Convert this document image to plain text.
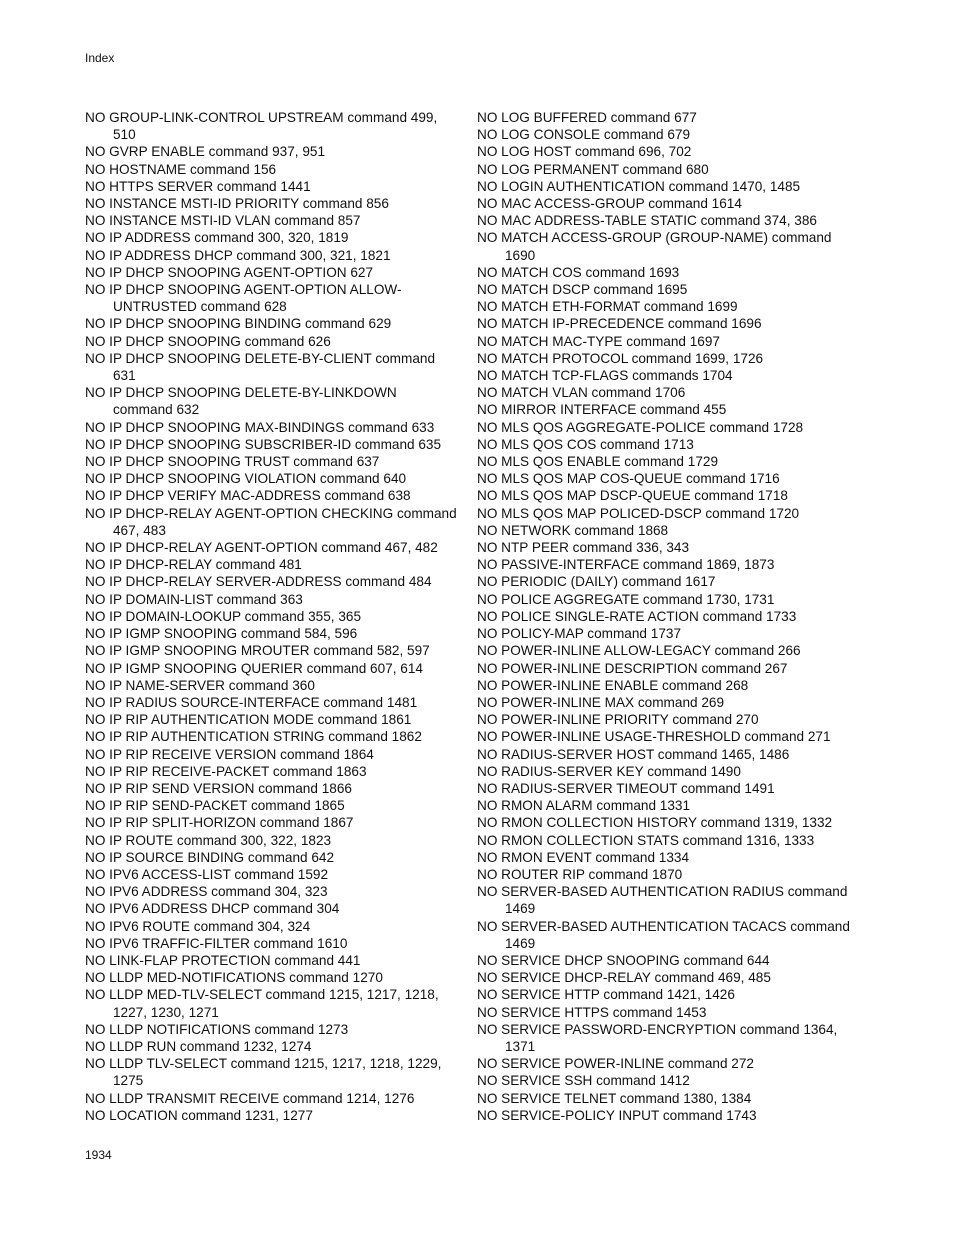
Index

NO GROUP-LINK-CONTROL UPSTREAM command 499, 510

NO GVRP ENABLE command 937, 951

NO HOSTNAME command 156

NO HTTPS SERVER command 1441

NO INSTANCE MSTI-ID PRIORITY command 856

NO INSTANCE MSTI-ID VLAN command 857

NO IP ADDRESS command 300, 320, 1819

NO IP ADDRESS DHCP command 300, 321, 1821

NO IP DHCP SNOOPING AGENT-OPTION 627

NO IP DHCP SNOOPING AGENT-OPTION ALLOW-UNTRUSTED command 628

NO IP DHCP SNOOPING BINDING command 629

NO IP DHCP SNOOPING command 626

NO IP DHCP SNOOPING DELETE-BY-CLIENT command 631

NO IP DHCP SNOOPING DELETE-BY-LINKDOWN command 632

NO IP DHCP SNOOPING MAX-BINDINGS command 633

NO IP DHCP SNOOPING SUBSCRIBER-ID command 635

NO IP DHCP SNOOPING TRUST command 637

NO IP DHCP SNOOPING VIOLATION command 640

NO IP DHCP VERIFY MAC-ADDRESS command 638

NO IP DHCP-RELAY AGENT-OPTION CHECKING command 467, 483

NO IP DHCP-RELAY AGENT-OPTION command 467, 482

NO IP DHCP-RELAY command 481

NO IP DHCP-RELAY SERVER-ADDRESS command 484

NO IP DOMAIN-LIST command 363

NO IP DOMAIN-LOOKUP command 355, 365

NO IP IGMP SNOOPING command 584, 596

NO IP IGMP SNOOPING MROUTER command 582, 597

NO IP IGMP SNOOPING QUERIER command 607, 614

NO IP NAME-SERVER command 360

NO IP RADIUS SOURCE-INTERFACE command 1481

NO IP RIP AUTHENTICATION MODE command 1861

NO IP RIP AUTHENTICATION STRING command 1862

NO IP RIP RECEIVE VERSION command 1864

NO IP RIP RECEIVE-PACKET command 1863

NO IP RIP SEND VERSION command 1866

NO IP RIP SEND-PACKET command 1865

NO IP RIP SPLIT-HORIZON command 1867

NO IP ROUTE command 300, 322, 1823

NO IP SOURCE BINDING command 642

NO IPV6 ACCESS-LIST command 1592

NO IPV6 ADDRESS command 304, 323

NO IPV6 ADDRESS DHCP command 304

NO IPV6 ROUTE command 304, 324

NO IPV6 TRAFFIC-FILTER command 1610

NO LINK-FLAP PROTECTION command 441

NO LLDP MED-NOTIFICATIONS command 1270

NO LLDP MED-TLV-SELECT command 1215, 1217, 1218, 1227, 1230, 1271

NO LLDP NOTIFICATIONS command 1273

NO LLDP RUN command 1232, 1274

NO LLDP TLV-SELECT command 1215, 1217, 1218, 1229, 1275

NO LLDP TRANSMIT RECEIVE command 1214, 1276

NO LOCATION command 1231, 1277

NO LOG BUFFERED command 677

NO LOG CONSOLE command 679

NO LOG HOST command 696, 702

NO LOG PERMANENT command 680

NO LOGIN AUTHENTICATION command 1470, 1485

NO MAC ACCESS-GROUP command 1614

NO MAC ADDRESS-TABLE STATIC command 374, 386

NO MATCH ACCESS-GROUP (GROUP-NAME) command 1690

NO MATCH COS command 1693

NO MATCH DSCP command 1695

NO MATCH ETH-FORMAT command 1699

NO MATCH IP-PRECEDENCE command 1696

NO MATCH MAC-TYPE command 1697

NO MATCH PROTOCOL command 1699, 1726

NO MATCH TCP-FLAGS commands 1704

NO MATCH VLAN command 1706

NO MIRROR INTERFACE command 455

NO MLS QOS AGGREGATE-POLICE command 1728

NO MLS QOS COS command 1713

NO MLS QOS ENABLE command 1729

NO MLS QOS MAP COS-QUEUE command 1716

NO MLS QOS MAP DSCP-QUEUE command 1718

NO MLS QOS MAP POLICED-DSCP command 1720

NO NETWORK command 1868

NO NTP PEER command 336, 343

NO PASSIVE-INTERFACE command 1869, 1873

NO PERIODIC (DAILY) command 1617

NO POLICE AGGREGATE command 1730, 1731

NO POLICE SINGLE-RATE ACTION command 1733

NO POLICY-MAP command 1737

NO POWER-INLINE ALLOW-LEGACY command 266

NO POWER-INLINE DESCRIPTION command 267

NO POWER-INLINE ENABLE command 268

NO POWER-INLINE MAX command 269

NO POWER-INLINE PRIORITY command 270

NO POWER-INLINE USAGE-THRESHOLD command 271

NO RADIUS-SERVER HOST command 1465, 1486

NO RADIUS-SERVER KEY command 1490

NO RADIUS-SERVER TIMEOUT command 1491

NO RMON ALARM command 1331

NO RMON COLLECTION HISTORY command 1319, 1332

NO RMON COLLECTION STATS command 1316, 1333

NO RMON EVENT command 1334

NO ROUTER RIP command 1870

NO SERVER-BASED AUTHENTICATION RADIUS command 1469

NO SERVER-BASED AUTHENTICATION TACACS command 1469

NO SERVICE DHCP SNOOPING command 644

NO SERVICE DHCP-RELAY command 469, 485

NO SERVICE HTTP command 1421, 1426

NO SERVICE HTTPS command 1453

NO SERVICE PASSWORD-ENCRYPTION command 1364, 1371

NO SERVICE POWER-INLINE command 272

NO SERVICE SSH command 1412

NO SERVICE TELNET command 1380, 1384

NO SERVICE-POLICY INPUT command 1743

1934
